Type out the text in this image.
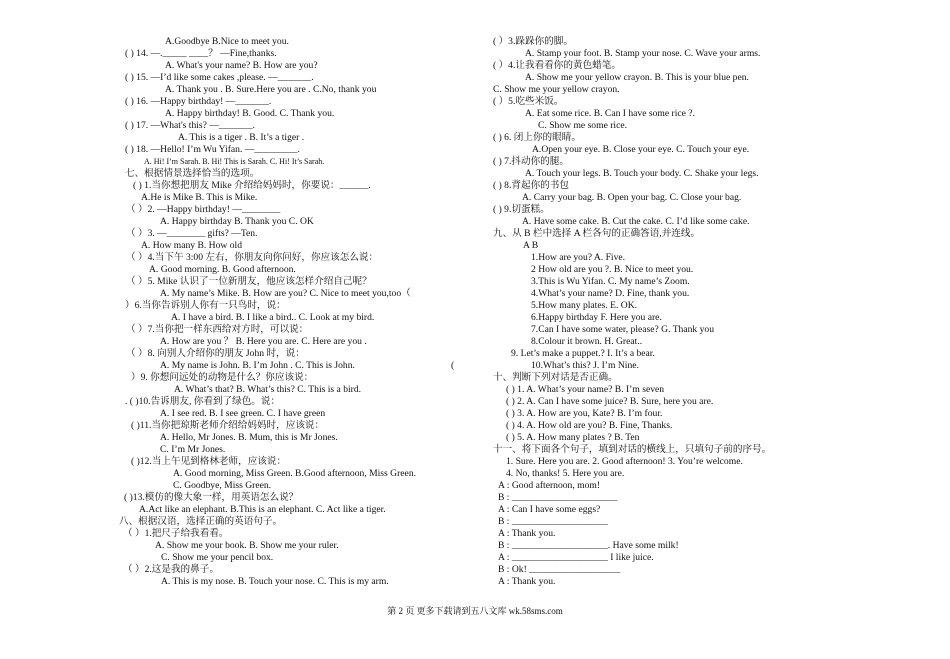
A.Goodbye B.Nice to meet you.
( ) 14. —._____ ____？ —Fine,thanks.
A. What's your name? B. How are you?
( ) 15. —I’d like some cakes ,please. —_______.
A. Thank you . B. Sure.Here you are . C.No, thank you
( ) 16. —Happy birthday! —_______.
A. Happy birthday! B. Good. C. Thank you.
( ) 17. —What's this? —_______.
A. This is a tiger . B. It’s a tiger .
( ) 18. —Hello! I’m Wu Yifan. —_________.
A. Hi! I’m Sarah. B. Hi! This is Sarah. C. Hi! It’s Sarah.
七、根据情景选择恰当的选项。
( ) 1.当你想把朋友 Mike 介绍给妈妈时，你要说：______.
A.He is Mike B. This is Mike.
（ ）2. —Happy birthday! —________
A. Happy birthday B. Thank you C. OK
（ ）3. —________ gifts? —Ten.
A. How many B. How old
（ ）4.当下午 3:00 左右，你朋友向你问好，你应该怎么说：
A. Good morning. B. Good afternoon.
（ ）5. Mike 认识了一位新朋友，他应该怎样介绍自己呢？
A. My name’s Mike. B. How are you? C. Nice to meet you,too（
）6.当你告诉别人你有一只鸟时，说：
A. I have a bird. B. I like a bird.. C. Look at my bird.
（ ）7.当你把一样东西给对方时，可以说：
A. How are you ？ B. Here you are. C. Here are you .
（ ）8. 向别人介绍你的朋友 John 时，说：
A. My name is John. B. I’m John . C. This is John.	(
）9. 你想问远处的动物是什么？你应该说：
A. What’s that? B. What’s this? C. This is a bird.
. ( )10.告诉朋友, 你看到了绿色。说：
A. I see red. B. I see green. C. I have green
( )11.当你把琼斯老师介绍给妈妈时，应该说：
A. Hello, Mr Jones. B. Mum, this is Mr Jones.
C. I’m Mr Jones.
( )12.当上午见到格林老师，应该说：
A. Good morning, Miss Green. B.Good afternoon, Miss Green.
C. Goodbye, Miss Green.
( )13.模仿的像大象一样，用英语怎么说？
A.Act like an elephant. B.This is an elephant. C. Act like a tiger.
八、根据汉语，选择正确的英语句子。
（ ）1.把尺子给我看看。
A. Show me your book. B. Show me your ruler.
C. Show me your pencil box.
（ ）2.这是我的鼻子。
A. This is my nose. B. Touch your nose. C. This is my arm.
( ）3.跺跺你的脚。
A. Stamp your foot. B. Stamp your nose. C. Wave your arms.
( ）4.让我看看你的黄色蜡笔。
A. Show me your yellow crayon. B. This is your blue pen.
C. Show me your yellow crayon.
( ）5.吃些米饭。
A. Eat some rice. B. Can I have some rice ?.
C. Show me some rice.
( ) 6. 闭上你的眼睛。
A.Open your eye. B. Close your eye. C. Touch your eye.
( ) 7.抖动你的腿。
A. Touch your legs. B. Touch your body. C. Shake your legs.
( ) 8.背起你的书包
A. Carry your bag. B. Open your bag. C. Close your bag.
( ) 9.切蛋糕。
A. Have some cake. B. Cut the cake. C. I’d like some cake.
九、从 B 栏中选择 A 栏各句的正确答语,并连线。
A B
1.How are you? A. Five.
2 How old are you ?. B. Nice to meet you.
3.This is Wu Yifan. C. My name’s Zoom.
4.What’s your name? D. Fine, thank you.
5.How many plates. E. OK.
6.Happy birthday F. Here you are.
7.Can I have some water, please? G. Thank you
8.Colour it brown. H. Great..
9. Let’s make a puppet.? I. It’s a bear.
10.What’s this? J. I’m Nine.
十、判断下列对话是否正确。
( ) 1. A. What’s your name? B. I’m seven
( ) 2. A. Can I have some juice? B. Sure, here you are.
( ) 3. A. How are you, Kate? B. I’m four.
( ) 4. A. How old are you? B. Fine, Thanks.
( ) 5. A. How many plates ? B. Ten
十一、将下面各个句子，填到对话的横线上，只填句子前的序号。
1. Sure. Here you are. 2. Good afternoon! 3. You’re welcome.
4. No, thanks! 5. Here you are.
A : Good afternoon, mom!
B : ______________________
A : Can I have some eggs?
B : ____________________
A : Thank you.
B : ____________________. Have some milk!
A : ____________________ I like juice.
B : Ok! ___________________
A : Thank you.
第 2 页 更多下载请到五八文库 wk.58sms.com
